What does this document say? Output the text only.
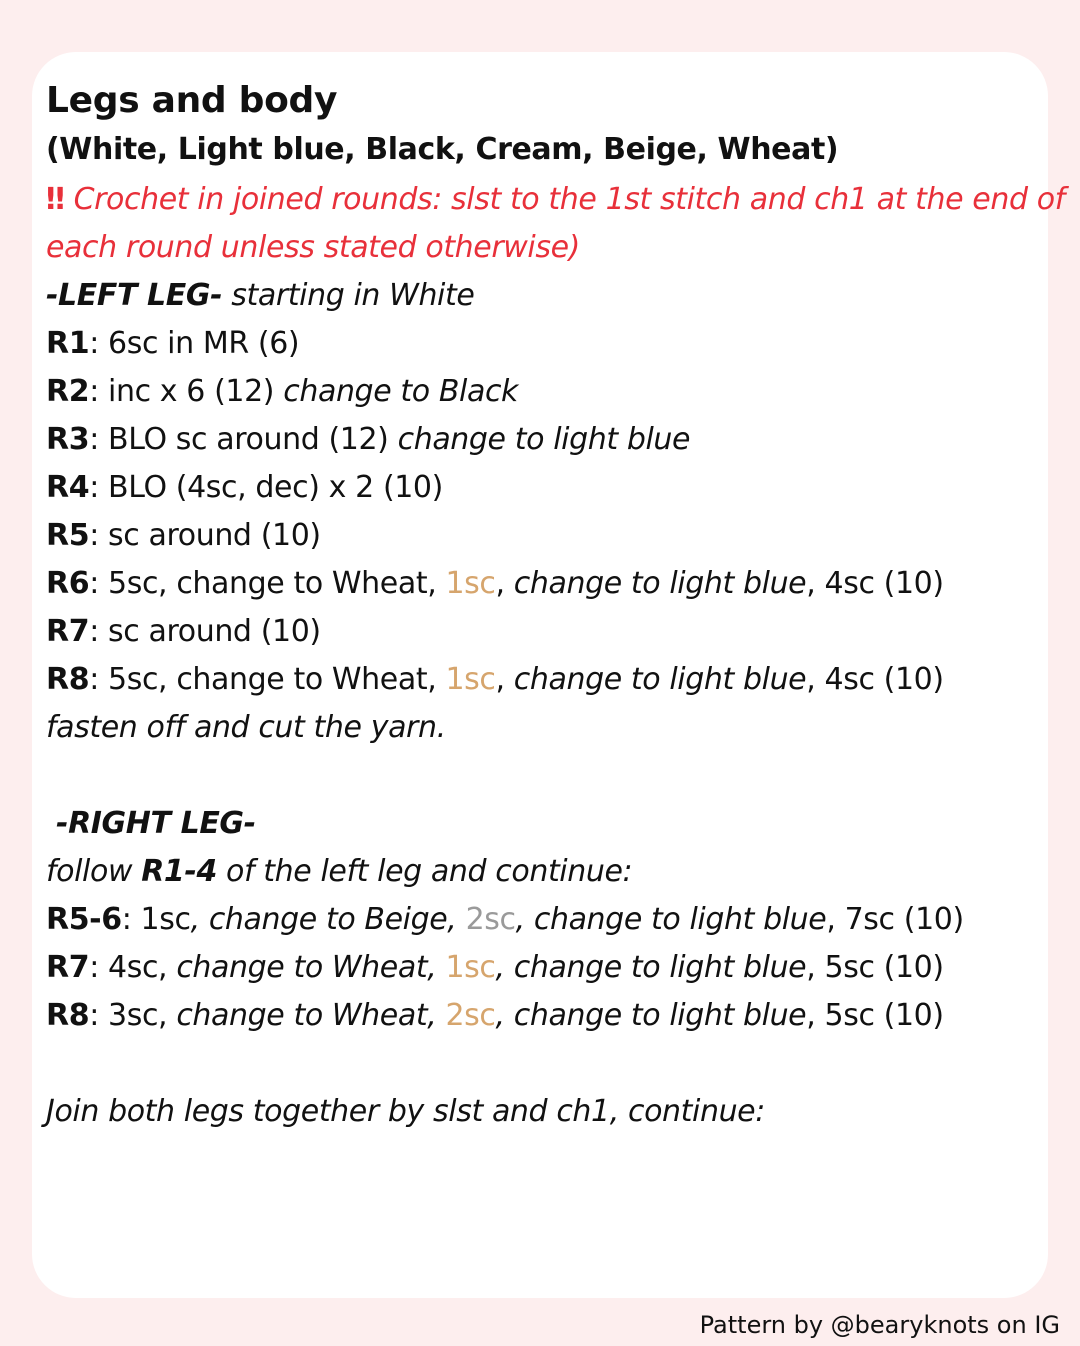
Legs and body
(White, Light blue, Black, Cream, Beige, Wheat)
‼ Crochet in joined rounds: slst to the 1st stitch and ch1 at the end of each round unless stated otherwise)
-LEFT LEG- starting in White
R1: 6sc in MR (6)
R2: inc x 6 (12) change to Black
R3: BLO sc around (12) change to light blue
R4: BLO (4sc, dec) x 2 (10)
R5: sc around (10)
R6: 5sc, change to Wheat, 1sc, change to light blue, 4sc (10)
R7: sc around (10)
R8: 5sc, change to Wheat, 1sc, change to light blue, 4sc (10)
fasten off and cut the yarn.
-RIGHT LEG-
follow R1-4 of the left leg and continue:
R5-6: 1sc, change to Beige, 2sc, change to light blue, 7sc (10)
R7: 4sc, change to Wheat, 1sc, change to light blue, 5sc (10)
R8: 3sc, change to Wheat, 2sc, change to light blue, 5sc (10)
Join both legs together by slst and ch1, continue:
Pattern by @bearyknots on IG
